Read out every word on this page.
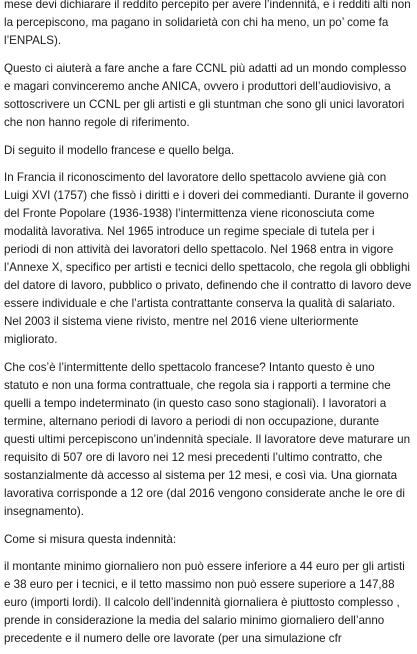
mese devi dichiarare il reddito percepito per avere l’indennità, e i redditi alti non la percepiscono, ma pagano in solidarietà con chi ha meno, un po’ come fa l’ENPALS).

Questo ci aiuterà a fare anche a fare CCNL più adatti ad un mondo complesso e magari convinceremo anche ANICA, ovvero i produttori dell’audiovisivo, a sottoscrivere un CCNL per gli artisti e gli stuntman che sono gli unici lavoratori che non hanno regole di riferimento.

Di seguito il modello francese e quello belga.

In Francia il riconoscimento del lavoratore dello spettacolo avviene già con Luigi XVI (1757) che fissò i diritti e i doveri dei commedianti. Durante il governo del Fronte Popolare (1936-1938) l’intermittenza viene riconosciuta come modalità lavorativa. Nel 1965 introduce un regime speciale di tutela per i periodi di non attività dei lavoratori dello spettacolo. Nel 1968 entra in vigore l’Annexe X, specifico per artisti e tecnici dello spettacolo, che regola gli obblighi del datore di lavoro, pubblico o privato, definendo che il contratto di lavoro deve essere individuale e che l’artista contrattante conserva la qualità di salariato. Nel 2003 il sistema viene rivisto, mentre nel 2016 viene ulteriormente migliorato.

Che cos’è l’intermittente dello spettacolo francese? Intanto questo è uno statuto e non una forma contrattuale, che regola sia i rapporti a termine che quelli a tempo indeterminato (in questo caso sono stagionali). I lavoratori a termine, alternano periodi di lavoro a periodi di non occupazione, durante questi ultimi percepiscono un’indennità speciale. Il lavoratore deve maturare un requisito di 507 ore di lavoro nei 12 mesi precedenti l’ultimo contratto, che sostanzialmente dà accesso al sistema per 12 mesi, e così via. Una giornata lavorativa corrisponde a 12 ore (dal 2016 vengono considerate anche le ore di insegnamento).

Come si misura questa indennità:

il montante minimo giornaliero non può essere inferiore a 44 euro per gli artisti e 38 euro per i tecnici, e il tetto massimo non può essere superiore a 147,88 euro (importi lordi). Il calcolo dell’indennità giornaliera è piuttosto complesso , prende in considerazione la media del salario minimo giornaliero dell’anno precedente e il numero delle ore lavorate (per una simulazione cfr
